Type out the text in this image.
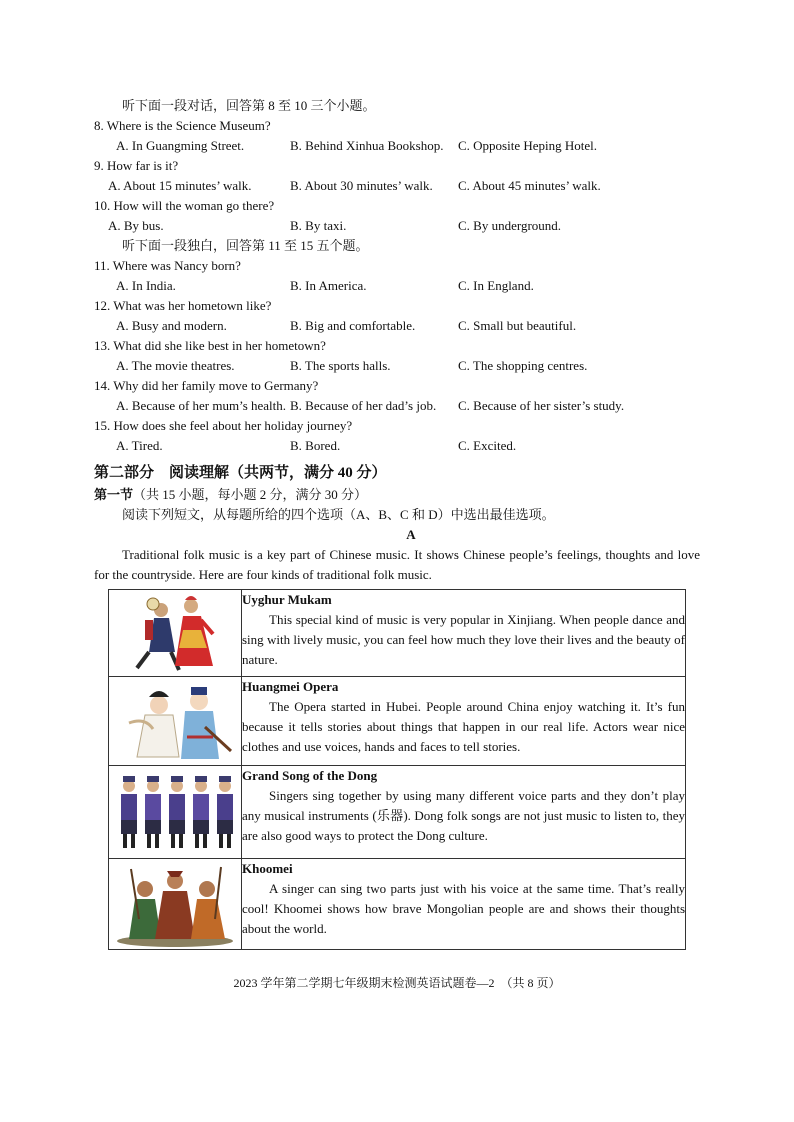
听下面一段对话，回答第 8 至 10 三个小题。
8. Where is the Science Museum?
A. In Guangming Street.	B. Behind Xinhua Bookshop. C. Opposite Heping Hotel.
9. How far is it?
A. About 15 minutes’ walk.	B. About 30 minutes’ walk. C. About 45 minutes’ walk.
10. How will the woman go there?
A. By bus.	B. By taxi.	C. By underground.
听下面一段独白，回答第 11 至 15 五个题。
11. Where was Nancy born?
A. In India.	B. In America.	C. In England.
12. What was her hometown like?
A. Busy and modern.	B. Big and comfortable.	C. Small but beautiful.
13. What did she like best in her hometown?
A. The movie theatres.	B. The sports halls.	C. The shopping centres.
14. Why did her family move to Germany?
A. Because of her mum’s health. B. Because of her dad’s job. C. Because of her sister’s study.
15. How does she feel about her holiday journey?
A. Tired.	B. Bored.	C. Excited.
第二部分　阅读理解（共两节，满分 40 分）
第一节（共 15 小题，每小题 2 分，满分 30 分）
阅读下列短文，从每题所给的四个选项（A、B、C 和 D）中选出最佳选项。
A
Traditional folk music is a key part of Chinese music. It shows Chinese people’s feelings, thoughts and love for the countryside. Here are four kinds of traditional folk music.

Uyghur Mukam
This special kind of music is very popular in Xinjiang. When people dance and sing with lively music, you can feel how much they love their lives and the beauty of nature.

Huangmei Opera
The Opera started in Hubei. People around China enjoy watching it. It’s fun because it tells stories about things that happen in our real life. Actors wear nice clothes and use voices, hands and faces to tell stories.

Grand Song of the Dong
Singers sing together by using many different voice parts and they don’t play any musical instruments (乐器). Dong folk songs are not just music to listen to, they are also good ways to protect the Dong culture.

Khoomei
A singer can sing two parts just with his voice at the same time. That’s really cool! Khoomei shows how brave Mongolian people are and shows their thoughts about the world.
2023 学年第二学期七年级期末检测英语试题卷—2　（共 8 页）
